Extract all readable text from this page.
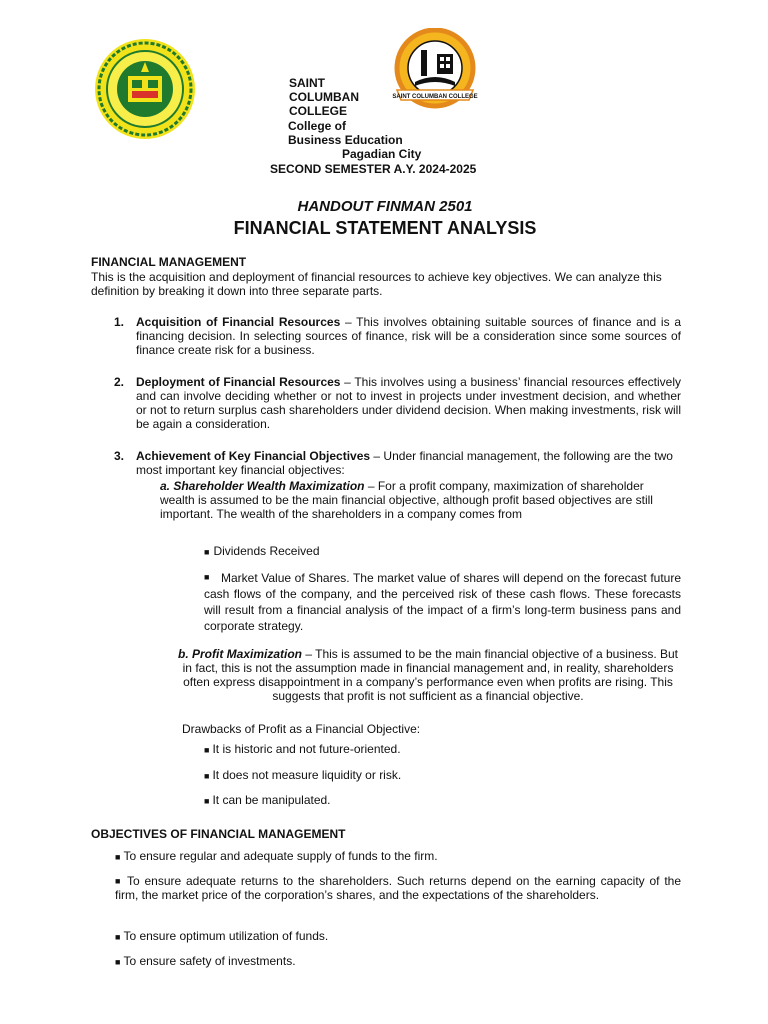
SAINT COLUMBAN COLLEGE

SAINT

COLUMBAN

COLLEGE

College of

Business Education

Pagadian City

SECOND SEMESTER A.Y. 2024-2025

HANDOUT FINMAN 2501

FINANCIAL STATEMENT ANALYSIS

FINANCIAL MANAGEMENT

This is the acquisition and deployment of financial resources to achieve key objectives. We can analyze this definition by breaking it down into three separate parts.

1. Acquisition of Financial Resources – This involves obtaining suitable sources of finance and is a financing decision. In selecting sources of finance, risk will be a consideration since some sources of finance create risk for a business.

2. Deployment of Financial Resources – This involves using a business’ financial resources effectively and can involve deciding whether or not to invest in projects under investment decision, and whether or not to return surplus cash shareholders under dividend decision. When making investments, risk will be again a consideration.

3. Achievement of Key Financial Objectives – Under financial management, the following are the two most important key financial objectives:

a. Shareholder Wealth Maximization – For a profit company, maximization of shareholder wealth is assumed to be the main financial objective, although profit based objectives are still important. The wealth of the shareholders in a company comes from

■ Dividends Received
■ Market Value of Shares. The market value of shares will depend on the forecast future cash flows of the company, and the perceived risk of these cash flows. These forecasts will result from a financial analysis of the impact of a firm’s long-term business pans and corporate strategy.

b. Profit Maximization – This is assumed to be the main financial objective of a business. But in fact, this is not the assumption made in financial management and, in reality, shareholders often express disappointment in a company’s performance even when profits are rising. This suggests that profit is not sufficient as a financial objective.

Drawbacks of Profit as a Financial Objective:

■ It is historic and not future-oriented.
■ It does not measure liquidity or risk.
■ It can be manipulated.

OBJECTIVES OF FINANCIAL MANAGEMENT

■ To ensure regular and adequate supply of funds to the firm.
■ To ensure adequate returns to the shareholders. Such returns depend on the earning capacity of the firm, the market price of the corporation’s shares, and the expectations of the shareholders.

■ To ensure optimum utilization of funds.
■ To ensure safety of investments.
